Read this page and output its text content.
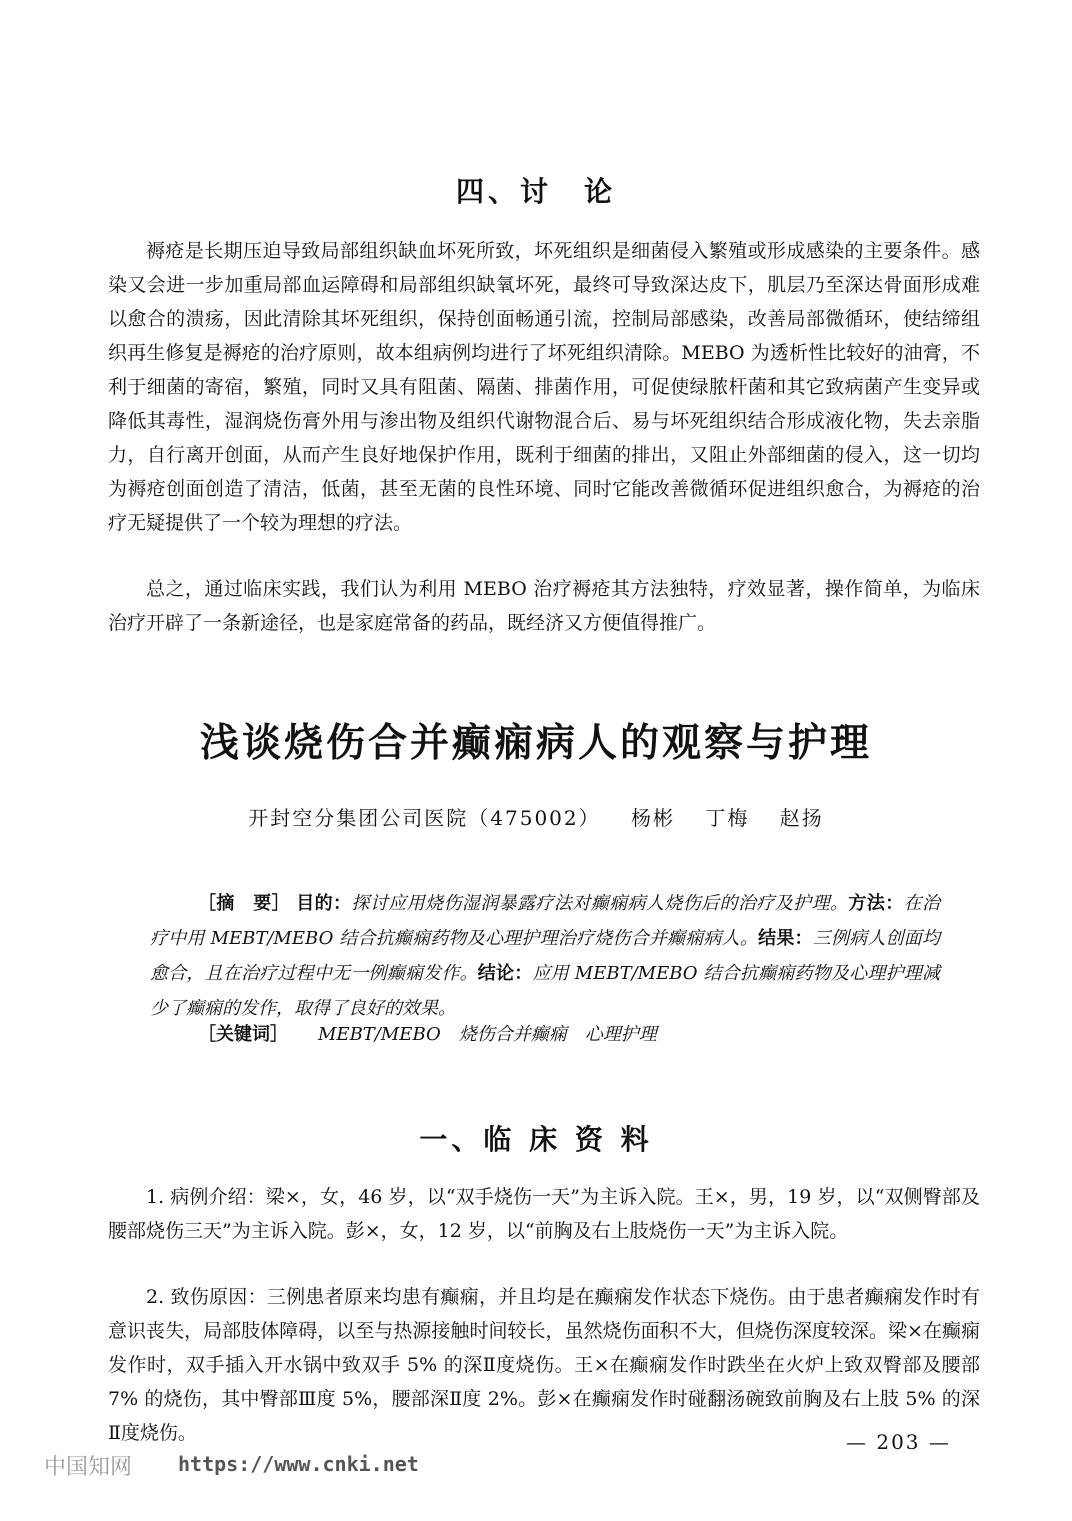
四、讨　论

褥疮是长期压迫导致局部组织缺血坏死所致，坏死组织是细菌侵入繁殖或形成感染的主要条件。感染又会进一步加重局部血运障碍和局部组织缺氧坏死，最终可导致深达皮下，肌层乃至深达骨面形成难以愈合的溃疡，因此清除其坏死组织，保持创面畅通引流，控制局部感染，改善局部微循环，使结缔组织再生修复是褥疮的治疗原则，故本组病例均进行了坏死组织清除。MEBO 为透析性比较好的油膏，不利于细菌的寄宿，繁殖，同时又具有阻菌、隔菌、排菌作用，可促使绿脓杆菌和其它致病菌产生变异或降低其毒性，湿润烧伤膏外用与渗出物及组织代谢物混合后、易与坏死组织结合形成液化物，失去亲脂力，自行离开创面，从而产生良好地保护作用，既利于细菌的排出，又阻止外部细菌的侵入，这一切均为褥疮创面创造了清洁，低菌，甚至无菌的良性环境、同时它能改善微循环促进组织愈合，为褥疮的治疗无疑提供了一个较为理想的疗法。

总之，通过临床实践，我们认为利用 MEBO 治疗褥疮其方法独特，疗效显著，操作简单，为临床治疗开辟了一条新途径，也是家庭常备的药品，既经济又方便值得推广。

浅谈烧伤合并癫痫病人的观察与护理
开封空分集团公司医院（475002） 杨彬 丁梅 赵扬

［摘　要］ 目的：探讨应用烧伤湿润暴露疗法对癫痫病人烧伤后的治疗及护理。方法：在治疗中用 MEBT/MEBO 结合抗癫痫药物及心理护理治疗烧伤合并癫痫病人。结果：三例病人创面均愈合，且在治疗过程中无一例癫痫发作。结论：应用 MEBT/MEBO 结合抗癫痫药物及心理护理减少了癫痫的发作，取得了良好的效果。

［关键词］ MEBT/MEBO　烧伤合并癫痫　心理护理
一、临 床 资 料

1. 病例介绍：梁×，女，46 岁，以“双手烧伤一天”为主诉入院。王×，男，19 岁，以“双侧臀部及腰部烧伤三天”为主诉入院。彭×，女，12 岁，以“前胸及右上肢烧伤一天”为主诉入院。

2. 致伤原因：三例患者原来均患有癫痫，并且均是在癫痫发作状态下烧伤。由于患者癫痫发作时有意识丧失，局部肢体障碍，以至与热源接触时间较长，虽然烧伤面积不大，但烧伤深度较深。梁×在癫痫发作时，双手插入开水锅中致双手 5% 的深Ⅱ度烧伤。王×在癫痫发作时跌坐在火炉上致双臀部及腰部 7% 的烧伤，其中臀部Ⅲ度 5%，腰部深Ⅱ度 2%。彭×在癫痫发作时碰翻汤碗致前胸及右上肢 5% 的深Ⅱ度烧伤。

中国知网 https://www.cnki.net
— 203 —
